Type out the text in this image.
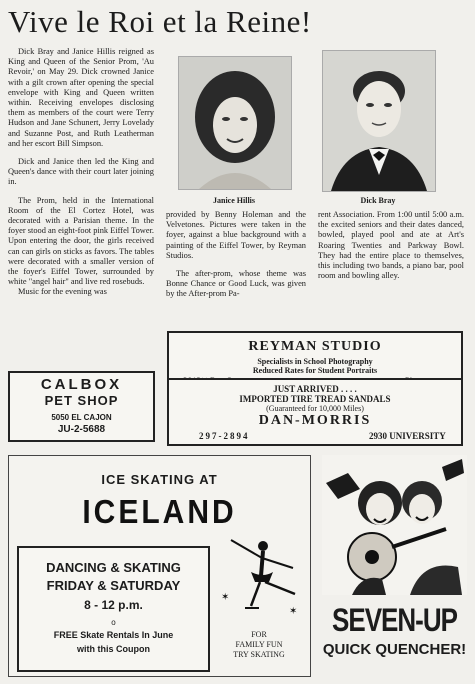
Vive le Roi et la Reine!

Dick Bray and Janice Hillis reigned as King and Queen of the Senior Prom, 'Au Revoir,' on May 29. Dick crowned Janice with a gilt crown after opening the special envelope with King and Queen written within. Receiving envelopes disclosing them as members of the court were Terry Hudson and Jane Schunert, Jerry Lovelady and Suzanne Post, and Ruth Leatherman and her escort Bill Simpson.

Dick and Janice then led the King and Queen's dance with their court later joining in.

The Prom, held in the International Room of the El Cortez Hotel, was decorated with a Parisian theme. In the foyer stood an eight-foot pink Eiffel Tower. Upon entering the door, the girls received can can girls on sticks as favors. The tables were decorated with a smaller version of the foyer's Eiffel Tower, surrounded by white "angel hair" and live red rosebuds.

Music for the evening was

Janice Hillis	Dick Bray

provided by Benny Holeman and the Velvetones. Pictures were taken in the foyer, against a blue background with a painting of the Eiffel Tower, by Reyman Studios.

The after-prom, whose theme was Bonne Chance or Good Luck, was given by the After-prom Pa-

rent Association. From 1:00 until 5:00 a.m. the excited seniors and their dates danced, bowled, played pool and ate at Art's Roaring Twenties and Parkway Bowl. They had the entire place to themselves, this including two bands, a piano bar, pool room and bowling alley.

REYMAN STUDIO
Specialists in School Photography
Reduced Rates for Student Portraits
CALBOX
PET SHOP
5050 EL CAJON
JU-2-5688
JUST ARRIVED . . . .
IMPORTED TIRE TREAD SANDALS
(Guaranteed for 10,000 Miles)
DAN-MORRIS
297-2894	2930 UNIVERSITY
ICE SKATING AT
ICELAND
DANCING & SKATING
FRIDAY & SATURDAY
8 - 12 p.m.
o
FREE Skate Rentals In June
with this Coupon
✶
✶
FOR
FAMILY FUN
TRY SKATING
SEVEN-UP
QUICK QUENCHER!
